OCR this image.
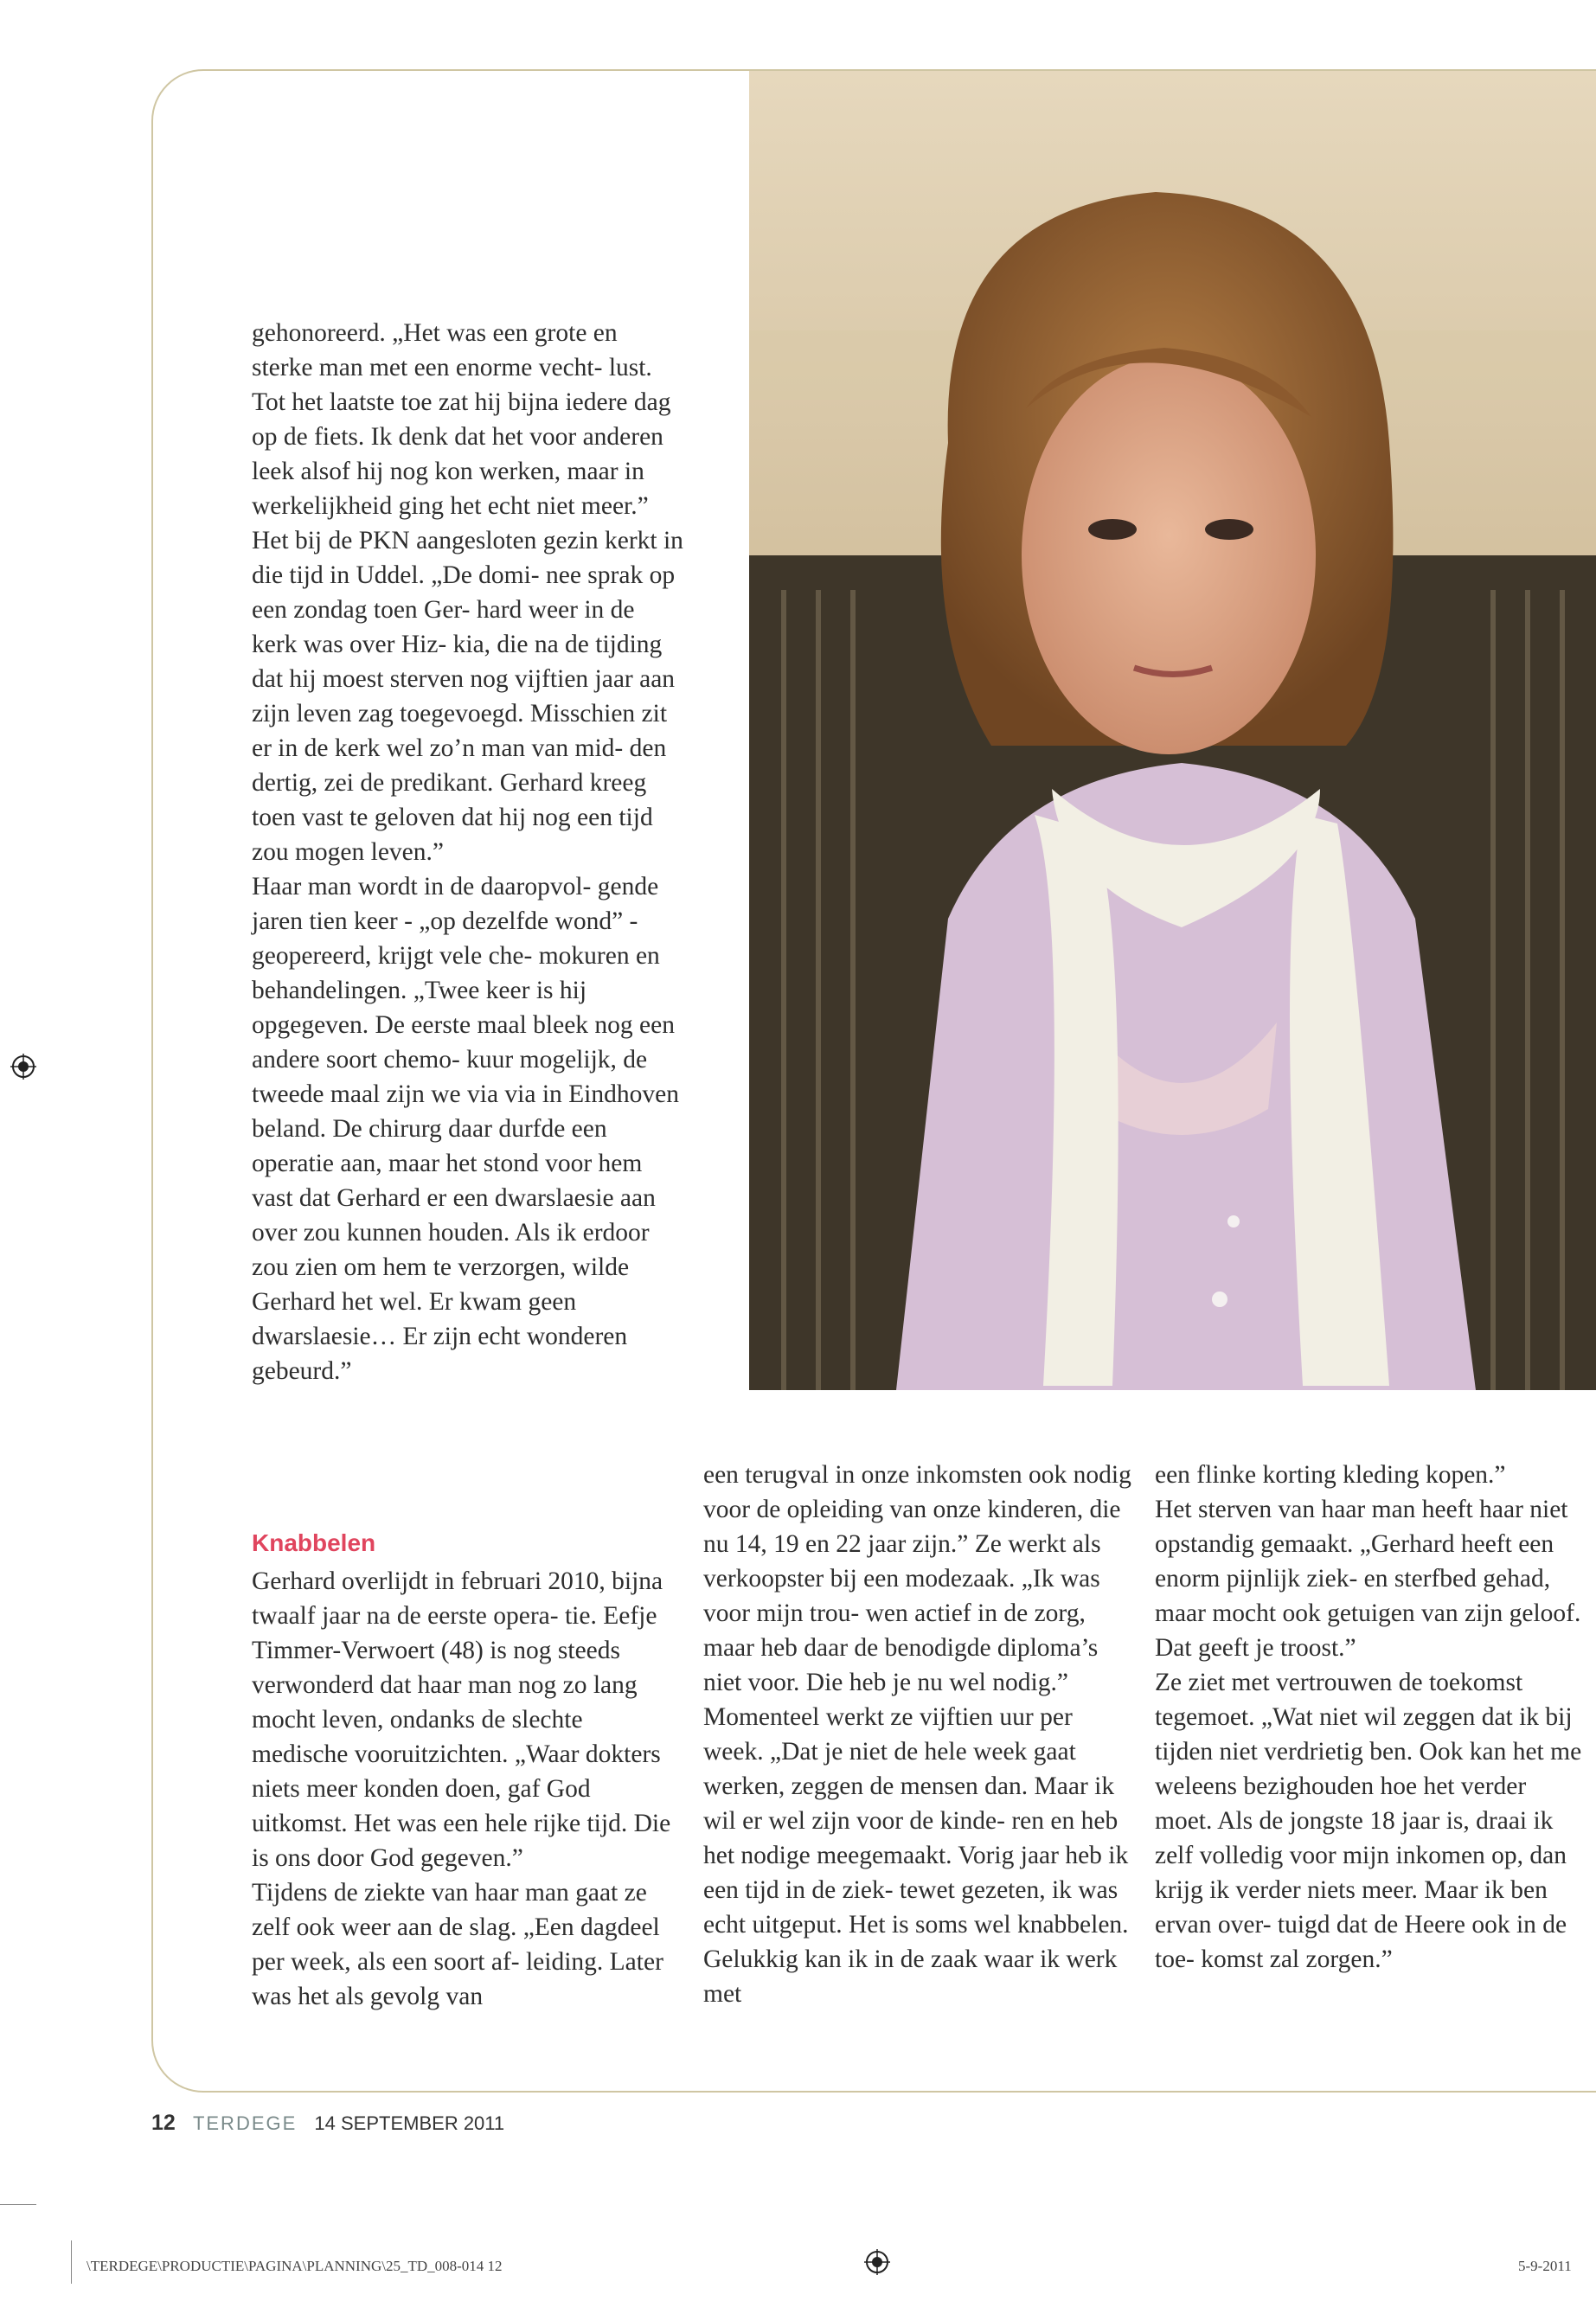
gehonoreerd. „Het was een grote en sterke man met een enorme vecht- lust. Tot het laatste toe zat hij bijna iedere dag op de fiets. Ik denk dat het voor anderen leek alsof hij nog kon werken, maar in werkelijkheid ging het echt niet meer.”

Het bij de PKN aangesloten gezin kerkt in die tijd in Uddel. „De domi- nee sprak op een zondag toen Ger- hard weer in de kerk was over Hiz- kia, die na de tijding dat hij moest sterven nog vijftien jaar aan zijn leven zag toegevoegd. Misschien zit er in de kerk wel zo’n man van mid- den dertig, zei de predikant. Gerhard kreeg toen vast te geloven dat hij nog een tijd zou mogen leven.”

Haar man wordt in de daaropvol- gende jaren tien keer - „op dezelfde wond” - geopereerd, krijgt vele che- mokuren en behandelingen. „Twee keer is hij opgegeven. De eerste maal bleek nog een andere soort chemo- kuur mogelijk, de tweede maal zijn we via via in Eindhoven beland. De chirurg daar durfde een operatie aan, maar het stond voor hem vast dat Gerhard er een dwarslaesie aan over zou kunnen houden. Als ik erdoor zou zien om hem te verzorgen, wilde Gerhard het wel. Er kwam geen dwarslaesie… Er zijn echt wonderen gebeurd.”

Knabbelen

Gerhard overlijdt in februari 2010, bijna twaalf jaar na de eerste opera- tie. Eefje Timmer-Verwoert (48) is nog steeds verwonderd dat haar man nog zo lang mocht leven, ondanks de slechte medische vooruitzichten. „Waar dokters niets meer konden doen, gaf God uitkomst. Het was een hele rijke tijd. Die is ons door God gegeven.”

Tijdens de ziekte van haar man gaat ze zelf ook weer aan de slag. „Een dagdeel per week, als een soort af- leiding. Later was het als gevolg van

een terugval in onze inkomsten ook nodig voor de opleiding van onze kinderen, die nu 14, 19 en 22 jaar zijn.” Ze werkt als verkoopster bij een modezaak. „Ik was voor mijn trou- wen actief in de zorg, maar heb daar de benodigde diploma’s niet voor. Die heb je nu wel nodig.”

Momenteel werkt ze vijftien uur per week. „Dat je niet de hele week gaat werken, zeggen de mensen dan. Maar ik wil er wel zijn voor de kinde- ren en heb het nodige meegemaakt. Vorig jaar heb ik een tijd in de ziek- tewet gezeten, ik was echt uitgeput. Het is soms wel knabbelen. Gelukkig kan ik in de zaak waar ik werk met

een flinke korting kleding kopen.”

Het sterven van haar man heeft haar niet opstandig gemaakt. „Gerhard heeft een enorm pijnlijk ziek- en sterfbed gehad, maar mocht ook getuigen van zijn geloof. Dat geeft je troost.”

Ze ziet met vertrouwen de toekomst tegemoet. „Wat niet wil zeggen dat ik bij tijden niet verdrietig ben. Ook kan het me weleens bezighouden hoe het verder moet. Als de jongste 18 jaar is, draai ik zelf volledig voor mijn inkomen op, dan krijg ik verder niets meer. Maar ik ben ervan over- tuigd dat de Heere ook in de toe- komst zal zorgen.”

12 TERDEGE 14 SEPTEMBER 2011
\TERDEGE\PRODUCTIE\PAGINA\PLANNING\25_TD_008-014 12	5-9-2011
